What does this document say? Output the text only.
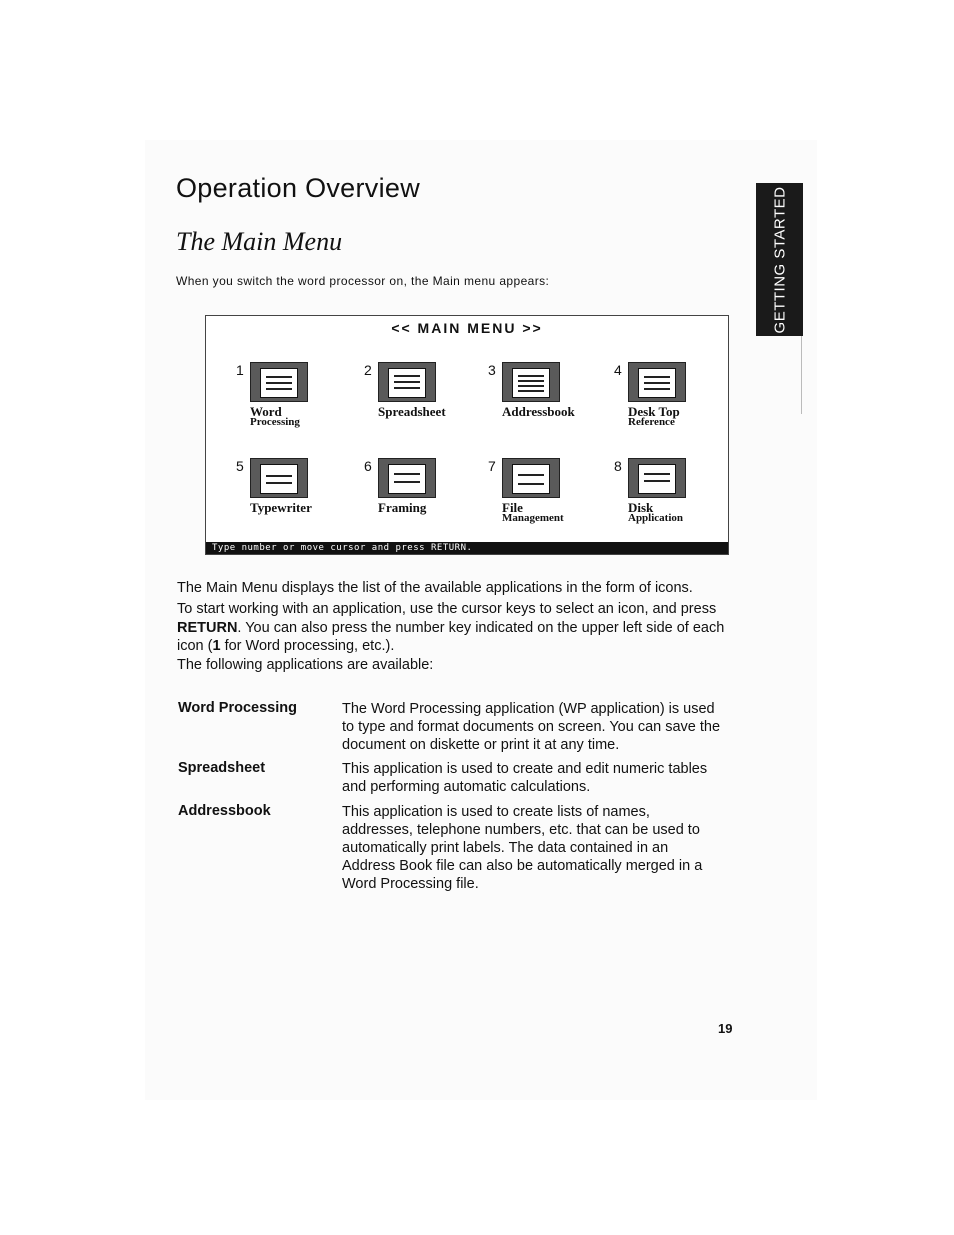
GETTING STARTED
Operation Overview
The Main Menu
When you switch the word processor on, the Main menu appears:
<< MAIN MENU >>
1
Word
Processing
2
Spreadsheet
3
Addressbook
4
Desk Top
Reference
5
Typewriter
6
Framing
7
File
Management
8
Disk
Application
Type number or move cursor and press RETURN.
The Main Menu displays the list of the available applications in the form of icons.
To start working with an application, use the cursor keys to select an icon, and press RETURN. You can also press the number key indicated on the upper left side of each icon (1 for Word processing, etc.).
The following applications are available:
Word Processing	The Word Processing application (WP application) is used to type and format documents on screen. You can save the document on diskette or print it at any time.
Spreadsheet	This application is used to create and edit numeric tables and performing automatic calculations.
Addressbook	This application is used to create lists of names, addresses, telephone numbers, etc. that can be used to automatically print labels. The data contained in an Address Book file can also be automatically merged in a Word Processing file.
19
